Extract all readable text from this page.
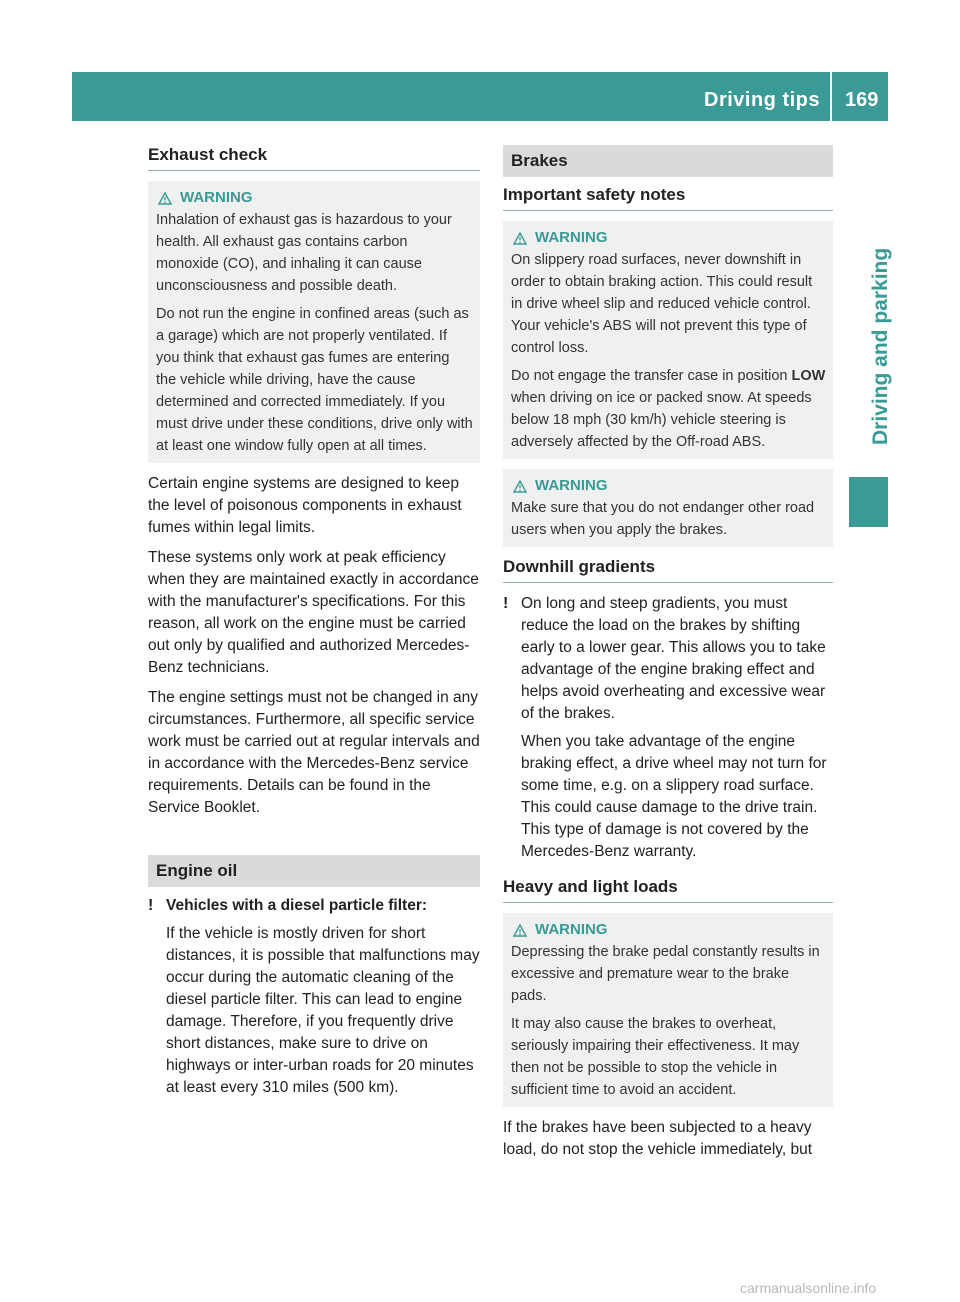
Driving tips 169
Driving and parking
Exhaust check
WARNING

Inhalation of exhaust gas is hazardous to your health. All exhaust gas contains carbon monoxide (CO), and inhaling it can cause unconsciousness and possible death.

Do not run the engine in confined areas (such as a garage) which are not properly ventilated. If you think that exhaust gas fumes are entering the vehicle while driving, have the cause determined and corrected immediately. If you must drive under these conditions, drive only with at least one window fully open at all times.

Certain engine systems are designed to keep the level of poisonous components in exhaust fumes within legal limits.

These systems only work at peak efficiency when they are maintained exactly in accordance with the manufacturer's specifications. For this reason, all work on the engine must be carried out only by qualified and authorized Mercedes-Benz technicians.

The engine settings must not be changed in any circumstances. Furthermore, all specific service work must be carried out at regular intervals and in accordance with the Mercedes-Benz service requirements. Details can be found in the Service Booklet.

Engine oil
! Vehicles with a diesel particle filter:

If the vehicle is mostly driven for short distances, it is possible that malfunctions may occur during the automatic cleaning of the diesel particle filter. This can lead to engine damage. Therefore, if you frequently drive short distances, make sure to drive on highways or inter-urban roads for 20 minutes at least every 310 miles (500 km).

Brakes
Important safety notes
WARNING

On slippery road surfaces, never downshift in order to obtain braking action. This could result in drive wheel slip and reduced vehicle control. Your vehicle's ABS will not prevent this type of control loss.

Do not engage the transfer case in position LOW when driving on ice or packed snow. At speeds below 18 mph (30 km/h) vehicle steering is adversely affected by the Off-road ABS.

WARNING

Make sure that you do not endanger other road users when you apply the brakes.

Downhill gradients
! On long and steep gradients, you must reduce the load on the brakes by shifting early to a lower gear. This allows you to take advantage of the engine braking effect and helps avoid overheating and excessive wear of the brakes.

When you take advantage of the engine braking effect, a drive wheel may not turn for some time, e.g. on a slippery road surface. This could cause damage to the drive train. This type of damage is not covered by the Mercedes-Benz warranty.

Heavy and light loads
WARNING

Depressing the brake pedal constantly results in excessive and premature wear to the brake pads.

It may also cause the brakes to overheat, seriously impairing their effectiveness. It may then not be possible to stop the vehicle in sufficient time to avoid an accident.

If the brakes have been subjected to a heavy load, do not stop the vehicle immediately, but

carmanualsonline.info
